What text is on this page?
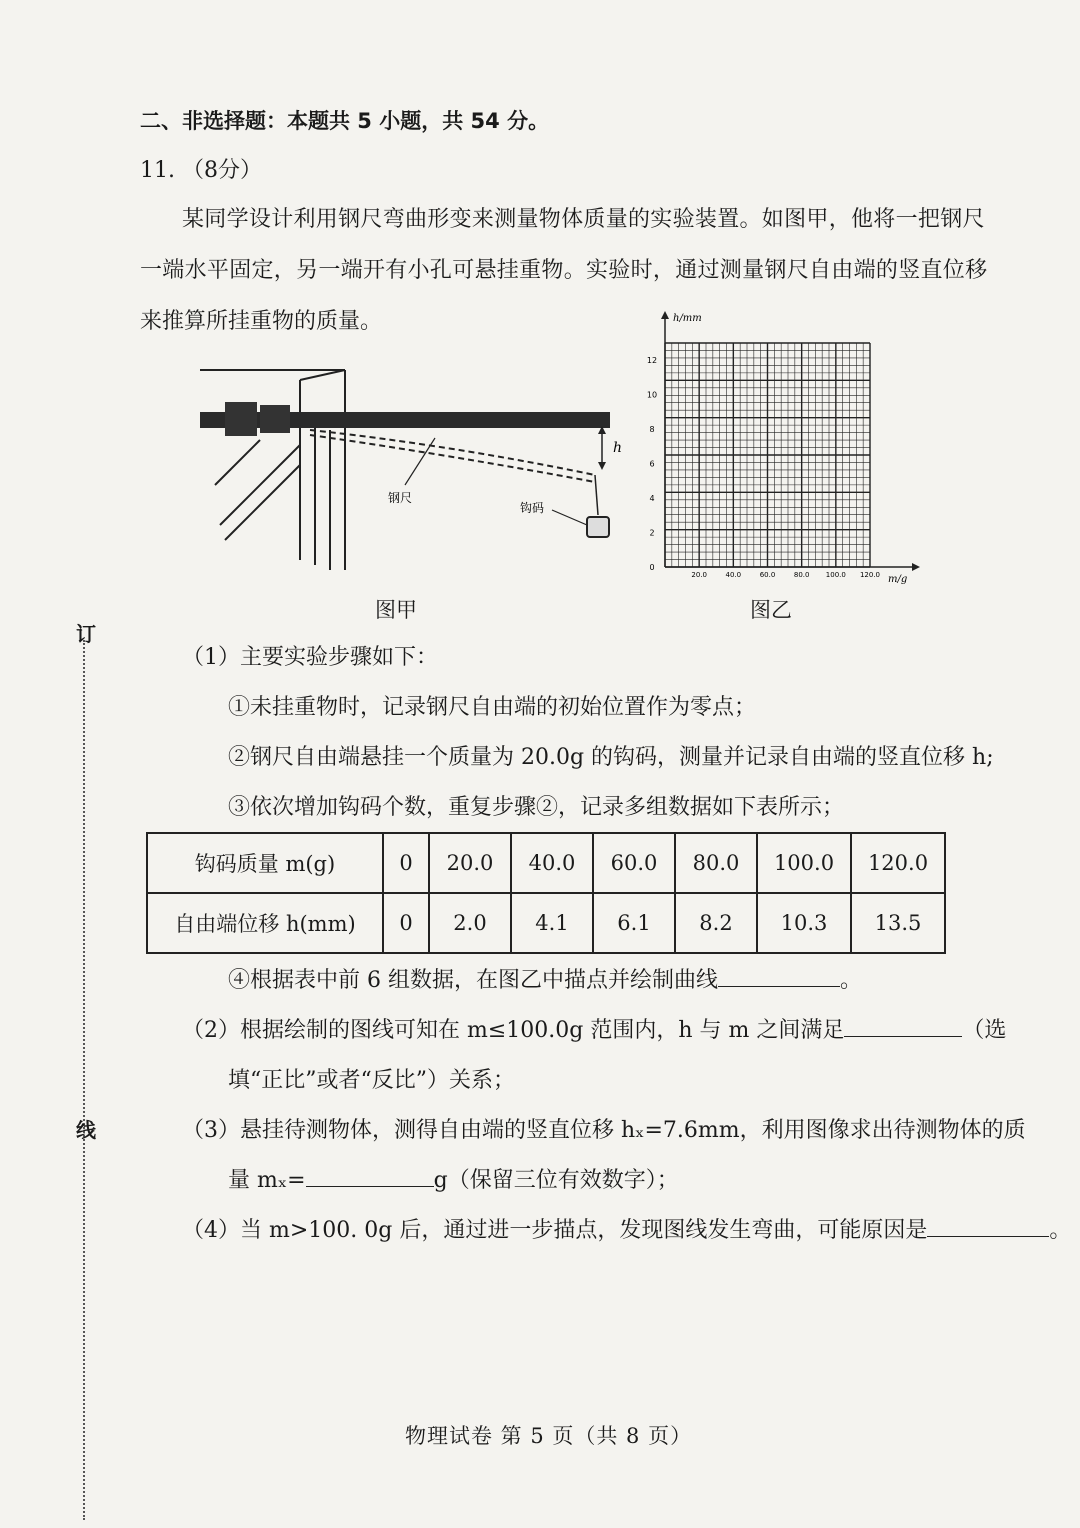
订
线
二、非选择题：本题共 5 小题，共 54 分。
11. （8分）
某同学设计利用钢尺弯曲形变来测量物体质量的实验装置。如图甲，他将一把钢尺
一端水平固定，另一端开有小孔可悬挂重物。实验时，通过测量钢尺自由端的竖直位移
来推算所挂重物的质量。
h
钢尺
钩码
图甲
h/mm
m/g
0
2
4
6
8
10
12
20.0	40.0	60.0	80.0 100.0 120.0
图乙
（1）主要实验步骤如下：
①未挂重物时，记录钢尺自由端的初始位置作为零点；
②钢尺自由端悬挂一个质量为 20.0g 的钩码，测量并记录自由端的竖直位移 h;
③依次增加钩码个数，重复步骤②，记录多组数据如下表所示；
钩码质量 m(g)	0	20.0	40.0	60.0	80.0	100.0	120.0
自由端位移 h(mm)	0	2.0	4.1	6.1	8.2	10.3	13.5
④根据表中前 6 组数据，在图乙中描点并绘制曲线	。
（2）根据绘制的图线可知在 m≤100.0g 范围内，h 与 m 之间满足	（选
填“正比”或者“反比”）关系；
（3）悬挂待测物体，测得自由端的竖直位移 hₓ=7.6mm，利用图像求出待测物体的质
量 mₓ=	g（保留三位有效数字）；
（4）当 m>100. 0g 后，通过进一步描点，发现图线发生弯曲，可能原因是	。
物理试卷 第 5 页（共 8 页）
